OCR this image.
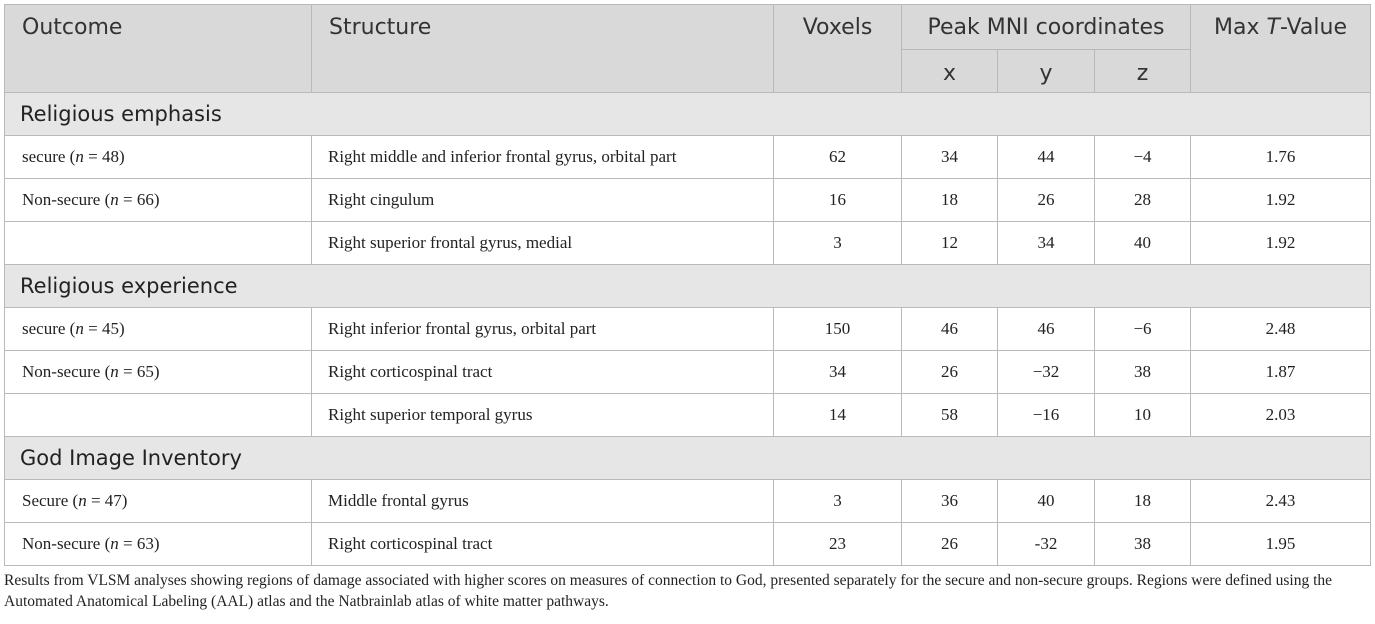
Outcome	Structure	Voxels	Peak MNI coordinates			Max T-Value
			x	y	z	
Religious emphasis						
secure (n = 48)	Right middle and inferior frontal gyrus, orbital part	62	34	44	−4	1.76
Non-secure (n = 66)	Right cingulum	16	18	26	28	1.92
	Right superior frontal gyrus, medial	3	12	34	40	1.92
Religious experience						
secure (n = 45)	Right inferior frontal gyrus, orbital part	150	46	46	−6	2.48
Non-secure (n = 65)	Right corticospinal tract	34	26	−32	38	1.87
	Right superior temporal gyrus	14	58	−16	10	2.03
God Image Inventory						
Secure (n = 47)	Middle frontal gyrus	3	36	40	18	2.43
Non-secure (n = 63)	Right corticospinal tract	23	26	-32	38	1.95
Results from VLSM analyses showing regions of damage associated with higher scores on measures of connection to God, presented separately for the secure and non-secure groups. Regions were defined using the Automated Anatomical Labeling (AAL) atlas and the Natbrainlab atlas of white matter pathways.
